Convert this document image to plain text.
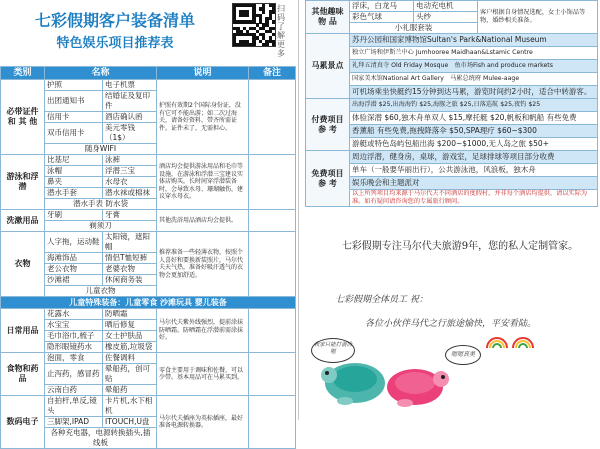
七彩假期客户装备清单
特色娱乐项目推荐表
扫码了解更多
类别	名称		说明	备注
必带证件
和 其 他	护照	电子机票	护照有效期2个国际身份证，没有它可不能出游；如二次过海关，请备好资料，带齐所需证件。证件未了，无需担心。	
	出团通知书	结婚证及复印件		
	信用卡	酒店确认函		
	双币信用卡	美元零钱（1$）		
	随身WIFI			
游泳和浮潜	比基尼	泳裤	酒店均会提供游泳用品和毛巾等设施，在游泳和浮潜三宝建议实体店购买，长时间穿浮潜装备时，会导致水母、珊瑚触伤，建议穿水母衣。	
	泳帽	浮潜三宝		
	鼻夹	水母衣		
	潜水手套	潜水袜或棉袜		
	潜水手表 防水袋			
洗漱用品	牙刷	牙膏	其他洗浴用品酒店均会提供。	
	剃须刀			
衣物	人字拖，运动鞋	太阳镜，遮阳帽	推荐准备一些轻薄衣物，按照个人喜好和要换新装照片，马尔代夫天气热，准备好吸汗透气的衣物会更加舒适。	
	海滩饰品	情侣T恤短裤		
	老公衣物	老婆衣物		
	沙滩裙	休闲商务装		
	儿童衣物			
儿童特殊装备：儿童零食 沙滩玩具 婴儿装备				
日常用品	花露水	防晒霜	马尔代夫紫外线强烈，提前涂抹防晒霜。防晒霜在浮潜前需涂抹好。	
	水宝宝	晒后修复		
	毛巾浴巾,梳子	女士护肤品		
	隐形眼镜药水	橡皮筋,垃圾袋		
食物和药品	泡面，零食	佐餐调料	零食主要用于调味和佐餐，可以少带。基本用品可在马累买到。	
	止泻药，感冒药	晕船药，创可贴		
	云南白药	晕船药		
数码电子	自拍杆,单反,镜头	卡片机,水下相机	马尔代夫插座为英标插座，最好准备电源转换器。	
	三脚架,IPAD	ITOUCH,U盘		
	各种充电器，电源转换插头,插线板			
其他趣味
物 品	浮床，白龙马	电动充电机	客户根据自身情况选配，女士小饰品等物，婚纱相关准备。
	彩色气球	头纱	
	小礼服套装		
马累景点	苏丹公园和国家博物馆Sultan's Park&National Museum		
	独立广场和伊斯兰中心 Jumhooree Maidhaan&Lstamic Centre		
	礼拜五清真寺 Old Friday Mosque　鱼市场Fish and produce markets		
	国家美术馆National Art Gallery　马累总统府 Mulee-aage		
	可机场乘坐快艇约15分钟到达马累，游览时间约2小时，适合中转游客。		
付费项目
参 考	出海浮潜 $25,出海海钓 $25,海豚之旅 $25,日落巡航 $25,夜钓 $25		
	体验深潜 $60,独木舟单双人 $15,摩托艇 $20,帆板和帆船 有些免费		
	香薰船 有些免费,拖拽降落伞 $50,SPA理疗 $60~$300		
	游艇或特色岛屿包船出海 $200~$1000,无人岛之旅 $50+		
免费项目
参 考	周边浮潜，健身房，桌球，游戏室，足球排球等项目部分收费		
	单车（一般要华丽出行），公共游泳池，风浪板，独木舟		
	娱乐晚会和主题派对		
	以上所列项目均来源于马尔代夫不同酒店的度假村，并非每个酒店均提供，请以实际为准。如有疑问请咨询您的专属旅行顾问。		
七彩假期专注马尔代夫旅游9年，您的私人定制管家。
七彩假期全体员工 祝：
各位小伙伴马代之行旅途愉快，平安看陆。
我家只能打游泳喔	嗯嗯真美
